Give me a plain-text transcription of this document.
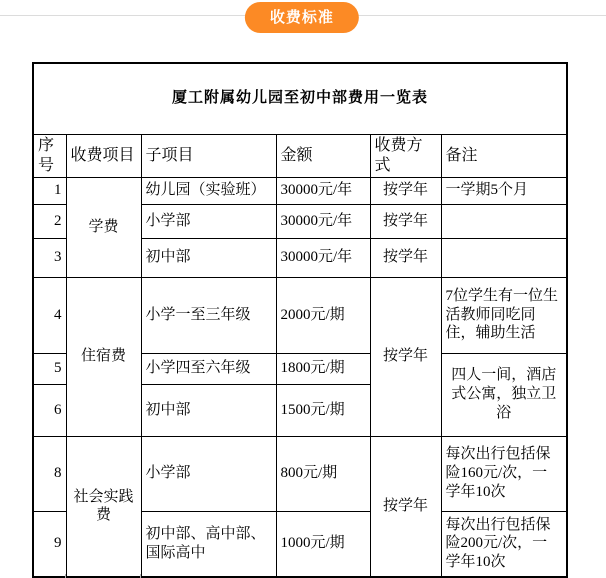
收费标准
厦工附属幼儿园至初中部费用一览表					
序号	收费项目	子项目	金额	收费方式	备注
1	学费	幼儿园（实验班）	30000元/年	按学年	一学期5个月
2		小学部	30000元/年	按学年	
3		初中部	30000元/年	按学年	
4	住宿费	小学一至三年级	2000元/期	按学年	7位学生有一位生活教师同吃同住，辅助生活
5		小学四至六年级	1800元/期		四人一间，酒店式公寓，独立卫浴
6		初中部	1500元/期		
8	社会实践费	小学部	800元/期	按学年	每次出行包括保险160元/次，一学年10次
9		初中部、高中部、国际高中	1000元/期		每次出行包括保险200元/次，一学年10次
